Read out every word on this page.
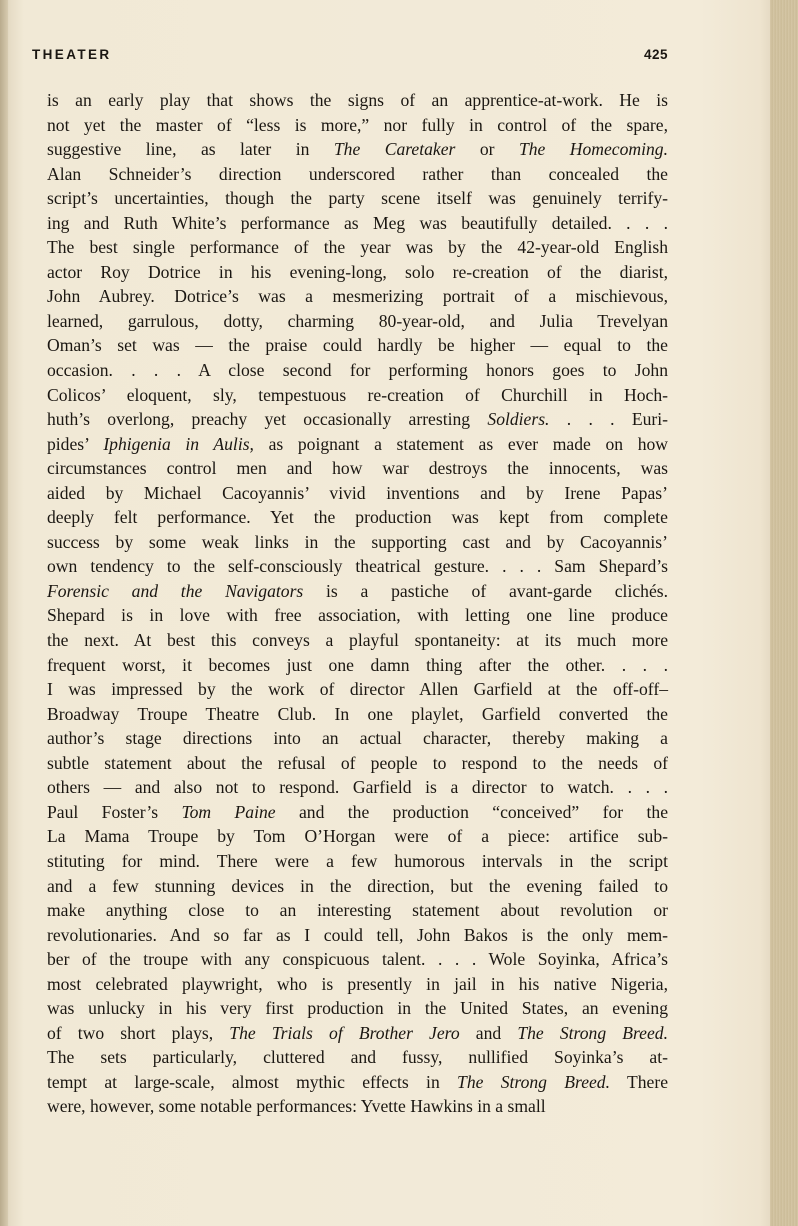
THEATER	425
is an early play that shows the signs of an apprentice-at-work. He is
not yet the master of “less is more,” nor fully in control of the spare,
suggestive line, as later in The Caretaker or The Homecoming.
Alan Schneider’s direction underscored rather than concealed the
script’s uncertainties, though the party scene itself was genuinely terrify-
ing and Ruth White’s performance as Meg was beautifully detailed. . . .
The best single performance of the year was by the 42-year-old English
actor Roy Dotrice in his evening-long, solo re-creation of the diarist,
John Aubrey. Dotrice’s was a mesmerizing portrait of a mischievous,
learned, garrulous, dotty, charming 80-year-old, and Julia Trevelyan
Oman’s set was — the praise could hardly be higher — equal to the
occasion. . . . A close second for performing honors goes to John
Colicos’ eloquent, sly, tempestuous re-creation of Churchill in Hoch-
huth’s overlong, preachy yet occasionally arresting Soldiers. . . . Euri-
pides’ Iphigenia in Aulis, as poignant a statement as ever made on how
circumstances control men and how war destroys the innocents, was
aided by Michael Cacoyannis’ vivid inventions and by Irene Papas’
deeply felt performance. Yet the production was kept from complete
success by some weak links in the supporting cast and by Cacoyannis’
own tendency to the self-consciously theatrical gesture. . . . Sam Shepard’s
Forensic and the Navigators is a pastiche of avant-garde clichés.
Shepard is in love with free association, with letting one line produce
the next. At best this conveys a playful spontaneity: at its much more
frequent worst, it becomes just one damn thing after the other. . . .
I was impressed by the work of director Allen Garfield at the off-off–
Broadway Troupe Theatre Club. In one playlet, Garfield converted the
author’s stage directions into an actual character, thereby making a
subtle statement about the refusal of people to respond to the needs of
others — and also not to respond. Garfield is a director to watch. . . .
Paul Foster’s Tom Paine and the production “conceived” for the
La Mama Troupe by Tom O’Horgan were of a piece: artifice sub-
stituting for mind. There were a few humorous intervals in the script
and a few stunning devices in the direction, but the evening failed to
make anything close to an interesting statement about revolution or
revolutionaries. And so far as I could tell, John Bakos is the only mem-
ber of the troupe with any conspicuous talent. . . . Wole Soyinka, Africa’s
most celebrated playwright, who is presently in jail in his native Nigeria,
was unlucky in his very first production in the United States, an evening
of two short plays, The Trials of Brother Jero and The Strong Breed.
The sets particularly, cluttered and fussy, nullified Soyinka’s at-
tempt at large-scale, almost mythic effects in The Strong Breed. There
were, however, some notable performances: Yvette Hawkins in a small
